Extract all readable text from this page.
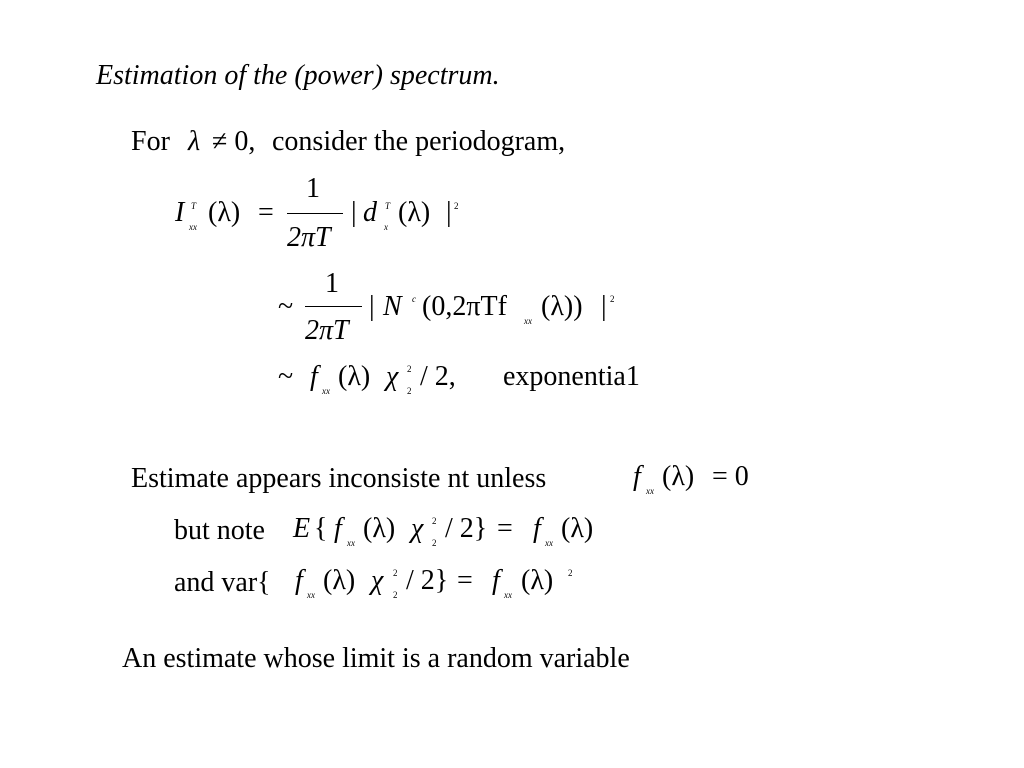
Estimation of the (power) spectrum.
For λ ≠ 0, consider the periodogram,
I T
xx (λ) =
1
2πT
| d T
x (λ) | 2
~
1
2πT
| N c (0,2πTf xx (λ)) | 2
~ f xx (λ) χ 2
2 / 2, exponentia1
Estimate appears inconsiste nt unless	f xx (λ) = 0
but note E { f xx (λ) χ 2
2 / 2} = f xx (λ)
and var{ f xx (λ) χ 2
2 / 2} = f xx (λ) 2
An estimate whose limit is a random variable
